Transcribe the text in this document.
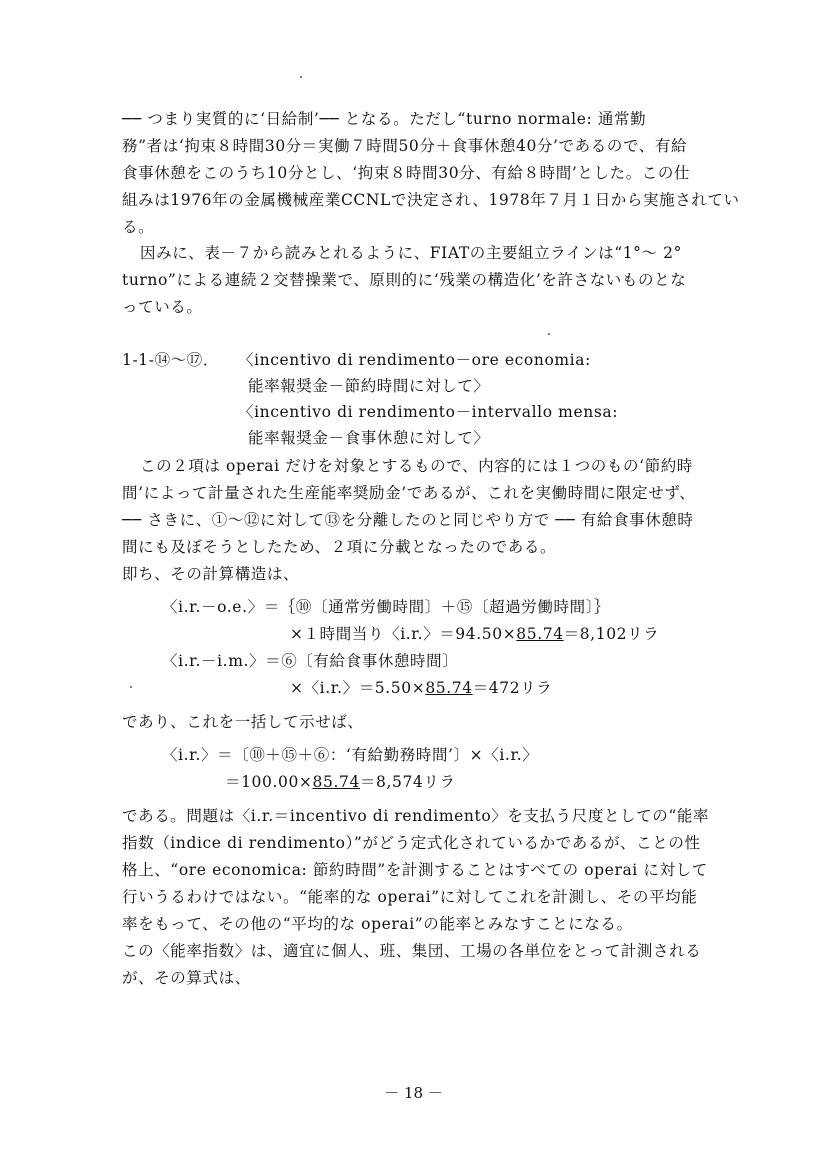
── つまり実質的に‘日給制’── となる。ただし“turno normale: 通常勤
務”者は‘拘束８時間30分＝実働７時間50分＋食事休憩40分’であるので、有給
食事休憩をこのうち10分とし、‘拘束８時間30分、有給８時間’とした。この仕
組みは1976年の金属機械産業CCNLで決定され、1978年７月１日から実施されてい
る。
因みに、表－７から読みとれるように、FIATの主要組立ラインは“1°～ 2°
turno”による連続２交替操業で、原則的に‘残業の構造化’を許さないものとな
っている。
1-1-⑭～⑰． 〈incentivo di rendimento－ore economia:
能率報奨金－節約時間に対して〉
〈incentivo di rendimento－intervallo mensa:
能率報奨金－食事休憩に対して〉
この２項は operai だけを対象とするもので、内容的には１つのもの‘節約時
間’によって計量された生産能率奨励金’であるが、これを実働時間に限定せず、
── さきに、①～⑫に対して⑬を分離したのと同じやり方で ── 有給食事休憩時
間にも及ぼそうとしたため、２項に分載となったのである。
即ち、その計算構造は、
〈i.r.－o.e.〉＝｛⑩〔通常労働時間〕＋⑮〔超過労働時間〕｝
×１時間当り〈i.r.〉＝94.50×85.74＝8,102リラ
〈i.r.－i.m.〉＝⑥〔有給食事休憩時間〕
×〈i.r.〉＝5.50×85.74＝472リラ
であり、これを一括して示せば、
〈i.r.〉＝〔⑩＋⑮＋⑥：‘有給勤務時間’〕×〈i.r.〉
＝100.00×85.74＝8,574リラ
である。問題は〈i.r.＝incentivo di rendimento〉を支払う尺度としての“能率
指数（indice di rendimento）”がどう定式化されているかであるが、ことの性
格上、“ore economica: 節約時間”を計測することはすべての operai に対して
行いうるわけではない。“能率的な operai”に対してこれを計測し、その平均能
率をもって、その他の“平均的な operai”の能率とみなすことになる。
この〈能率指数〉は、適宜に個人、班、集団、工場の各単位をとって計測される
が、その算式は、
－ 18 －
